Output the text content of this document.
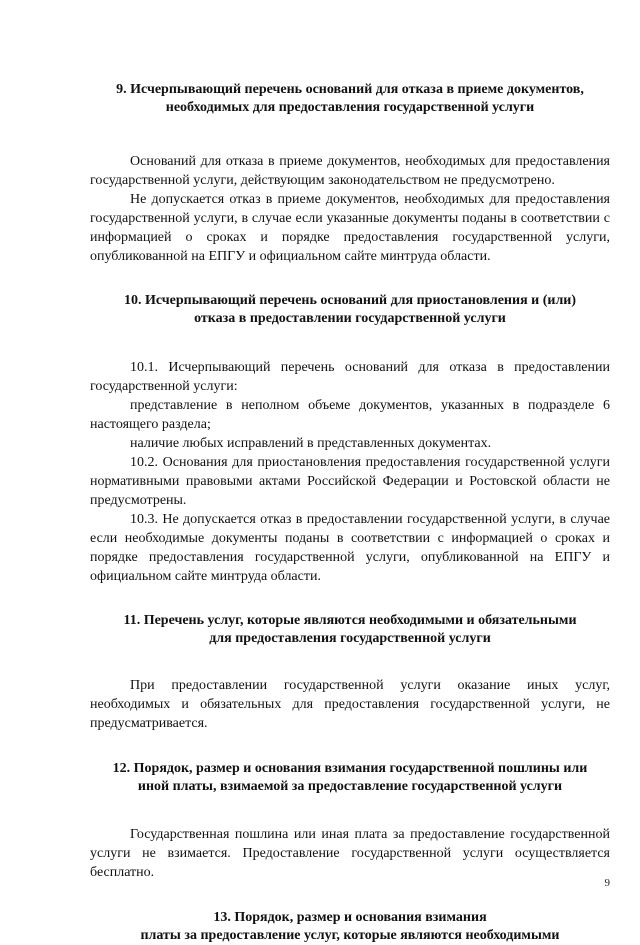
9. Исчерпывающий перечень оснований для отказа в приеме документов,
необходимых для предоставления государственной услуги

Оснований для отказа в приеме документов, необходимых для предоставления государственной услуги, действующим законодательством не предусмотрено.

Не допускается отказ в приеме документов, необходимых для предоставления государственной услуги, в случае если указанные документы поданы в соответствии с информацией о сроках и порядке предоставления государственной услуги, опубликованной на ЕПГУ и официальном сайте минтруда области.

10. Исчерпывающий перечень оснований для приостановления и (или)
отказа в предоставлении государственной услуги

10.1. Исчерпывающий перечень оснований для отказа в предоставлении государственной услуги:

представление в неполном объеме документов, указанных в подразделе 6 настоящего раздела;

наличие любых исправлений в представленных документах.

10.2. Основания для приостановления предоставления государственной услуги нормативными правовыми актами Российской Федерации и Ростовской области не предусмотрены.

10.3. Не допускается отказ в предоставлении государственной услуги, в случае если необходимые документы поданы в соответствии с информацией о сроках и порядке предоставления государственной услуги, опубликованной на ЕПГУ и официальном сайте минтруда области.

11. Перечень услуг, которые являются необходимыми и обязательными
для предоставления государственной услуги

При предоставлении государственной услуги оказание иных услуг, необходимых и обязательных для предоставления государственной услуги, не предусматривается.

12. Порядок, размер и основания взимания государственной пошлины или
иной платы, взимаемой за предоставление государственной услуги

Государственная пошлина или иная плата за предоставление государственной услуги не взимается. Предоставление государственной услуги осуществляется бесплатно.

13. Порядок, размер и основания взимания
платы за предоставление услуг, которые являются необходимыми
9
